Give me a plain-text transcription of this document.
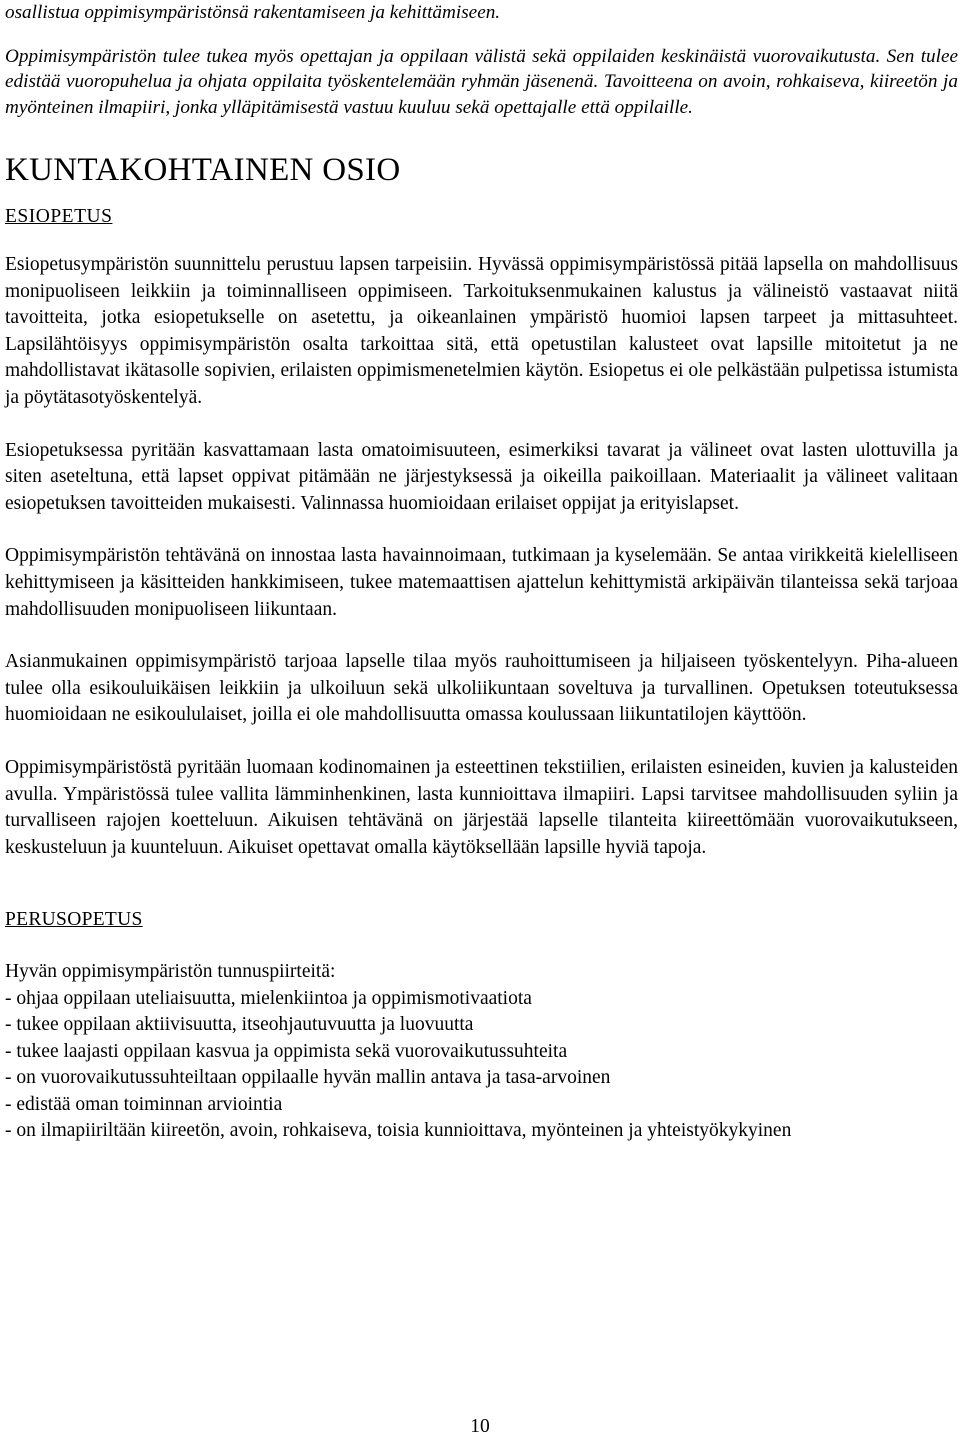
osallistua oppimisympäristönsä rakentamiseen ja kehittämiseen.

Oppimisympäristön tulee tukea myös opettajan ja oppilaan välistä sekä oppilaiden keskinäistä vuorovaikutusta. Sen tulee edistää vuoropuhelua ja ohjata oppilaita työskentelemään ryhmän jäsenenä. Tavoitteena on avoin, rohkaiseva, kiireetön ja myönteinen ilmapiiri, jonka ylläpitämisestä vastuu kuuluu sekä opettajalle että oppilaille.

KUNTAKOHTAINEN OSIO
ESIOPETUS

Esiopetusympäristön suunnittelu perustuu lapsen tarpeisiin. Hyvässä oppimisympäristössä pitää lapsella on mahdollisuus monipuoliseen leikkiin ja toiminnalliseen oppimiseen. Tarkoituksenmukainen kalustus ja välineistö vastaavat niitä tavoitteita, jotka esiopetukselle on asetettu, ja oikeanlainen ympäristö huomioi lapsen tarpeet ja mittasuhteet. Lapsilähtöisyys oppimisympäristön osalta tarkoittaa sitä, että opetustilan kalusteet ovat lapsille mitoitetut ja ne mahdollistavat ikätasolle sopivien, erilaisten oppimismenetelmien käytön. Esiopetus ei ole pelkästään pulpetissa istumista ja pöytätasotyöskentelyä.

Esiopetuksessa pyritään kasvattamaan lasta omatoimisuuteen, esimerkiksi tavarat ja välineet ovat lasten ulottuvilla ja siten aseteltuna, että lapset oppivat pitämään ne järjestyksessä ja oikeilla paikoillaan. Materiaalit ja välineet valitaan esiopetuksen tavoitteiden mukaisesti. Valinnassa huomioidaan erilaiset oppijat ja erityislapset.

Oppimisympäristön tehtävänä on innostaa lasta havainnoimaan, tutkimaan ja kyselemään. Se antaa virikkeitä kielelliseen kehittymiseen ja käsitteiden hankkimiseen, tukee matemaattisen ajattelun kehittymistä arkipäivän tilanteissa sekä tarjoaa mahdollisuuden monipuoliseen liikuntaan.

Asianmukainen oppimisympäristö tarjoaa lapselle tilaa myös rauhoittumiseen ja hiljaiseen työskentelyyn. Piha-alueen tulee olla esikouluikäisen leikkiin ja ulkoiluun sekä ulkoliikuntaan soveltuva ja turvallinen. Opetuksen toteutuksessa huomioidaan ne esikoululaiset, joilla ei ole mahdollisuutta omassa koulussaan liikuntatilojen käyttöön.

Oppimisympäristöstä pyritään luomaan kodinomainen ja esteettinen tekstiilien, erilaisten esineiden, kuvien ja kalusteiden avulla. Ympäristössä tulee vallita lämminhenkinen, lasta kunnioittava ilmapiiri. Lapsi tarvitsee mahdollisuuden syliin ja turvalliseen rajojen koetteluun. Aikuisen tehtävänä on järjestää lapselle tilanteita kiireettömään vuorovaikutukseen, keskusteluun ja kuunteluun. Aikuiset opettavat omalla käytöksellään lapsille hyviä tapoja.

PERUSOPETUS

Hyvän oppimisympäristön tunnuspiirteitä:

- ohjaa oppilaan uteliaisuutta, mielenkiintoa ja oppimismotivaatiota
- tukee oppilaan aktiivisuutta, itseohjautuvuutta ja luovuutta
- tukee laajasti oppilaan kasvua ja oppimista sekä vuorovaikutussuhteita
- on vuorovaikutussuhteiltaan oppilaalle hyvän mallin antava ja tasa-arvoinen
- edistää oman toiminnan arviointia
- on ilmapiiriltään kiireetön, avoin, rohkaiseva, toisia kunnioittava, myönteinen ja yhteistyökykyinen
10
